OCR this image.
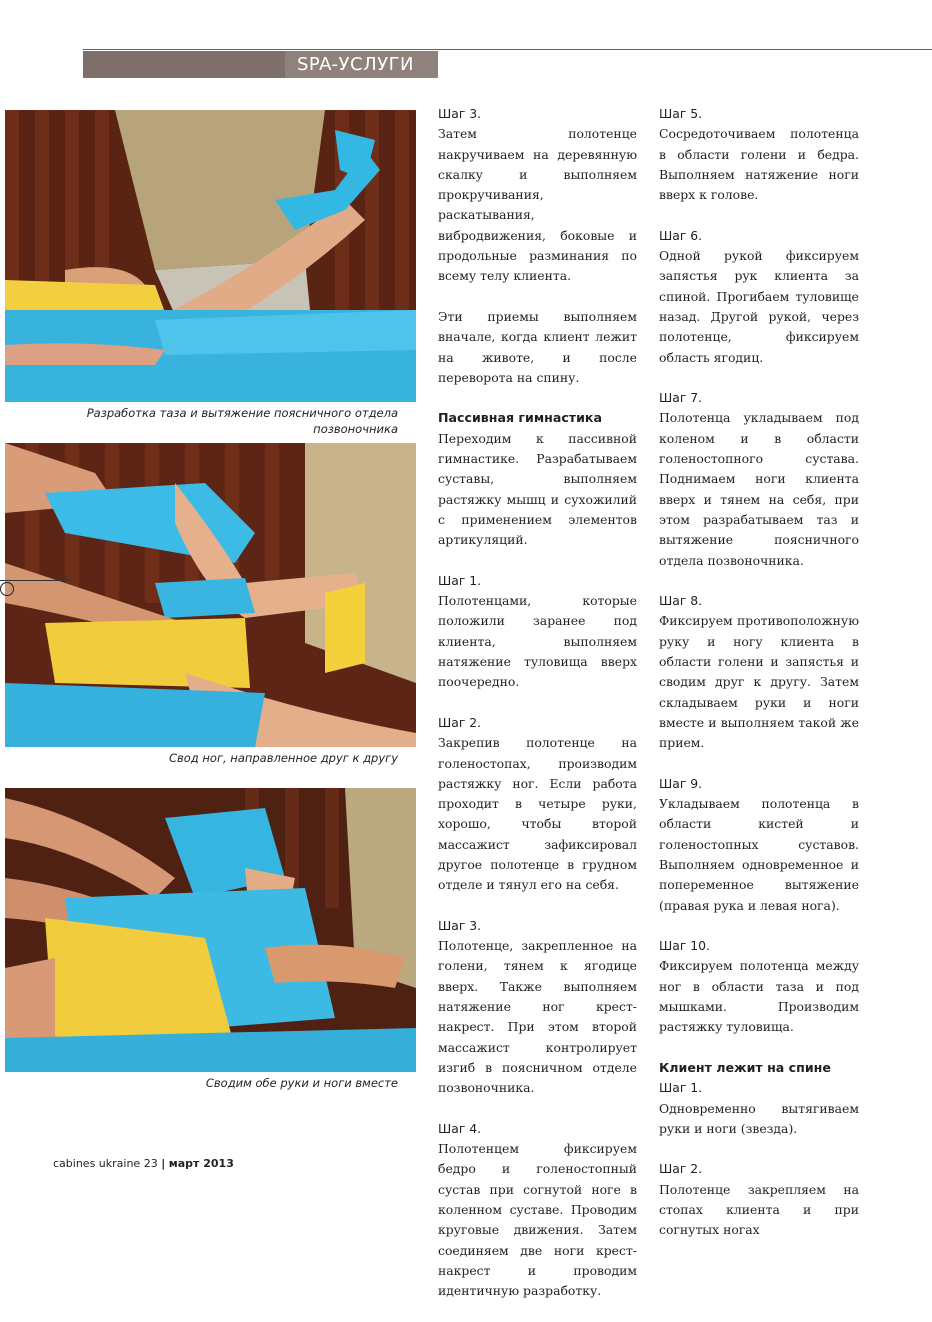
SPA-УСЛУГИ
Разработка таза и вытяжение поясничного отдела позвоночника
Свод ног, направленное друг к другу
Сводим обе руки и ноги вместе
Шаг 3.
Затем полотенце накручиваем на деревянную скалку и выполняем прокручивания, раскатывания, вибродвижения, боковые и продольные разминания по всему телу клиента.
Эти приемы выполняем вначале, когда клиент лежит на животе, и после переворота на спину.
Пассивная гимнастика
Переходим к пассивной гимнастике. Разрабатываем суставы, выполняем растяжку мышц и сухожилий с применением элементов артикуляций.
Шаг 1.
Полотенцами, которые положили заранее под клиента, выполняем натяжение туловища вверх поочередно.
Шаг 2.
Закрепив полотенце на голеностопах, производим растяжку ног. Если работа проходит в четыре руки, хорошо, чтобы второй массажист зафиксировал другое полотенце в грудном отделе и тянул его на себя.
Шаг 3.
Полотенце, закрепленное на голени, тянем к ягодице вверх. Также выполняем натяжение ног крест-накрест. При этом второй массажист контролирует изгиб в поясничном отделе позвоночника.
Шаг 4.
Полотенцем фиксируем бедро и голеностопный сустав при согнутой ноге в коленном суставе. Проводим круговые движения. Затем соединяем две ноги крест-накрест и проводим идентичную разработку.
Шаг 5.
Сосредоточиваем полотенца в области голени и бедра. Выполняем натяжение ноги вверх к голове.
Шаг 6.
Одной рукой фиксируем запястья рук клиента за спиной. Прогибаем туловище назад. Другой рукой, через полотенце, фиксируем область ягодиц.
Шаг 7.
Полотенца укладываем под коленом и в области голеностопного сустава. Поднимаем ноги клиента вверх и тянем на себя, при этом разрабатываем таз и вытяжение поясничного отдела позвоночника.
Шаг 8.
Фиксируем противоположную руку и ногу клиента в области голени и запястья и сводим друг к другу. Затем складываем руки и ноги вместе и выполняем такой же прием.
Шаг 9.
Укладываем полотенца в области кистей и голеностопных суставов. Выполняем одновременное и попеременное вытяжение (правая рука и левая нога).
Шаг 10.
Фиксируем полотенца между ног в области таза и под мышками. Производим растяжку туловища.
Клиент лежит на спине
Шаг 1.
Одновременно вытягиваем руки и ноги (звезда).
Шаг 2.
Полотенце закрепляем на стопах клиента и при согнутых ногах
cabines ukraine 23 | март 2013
